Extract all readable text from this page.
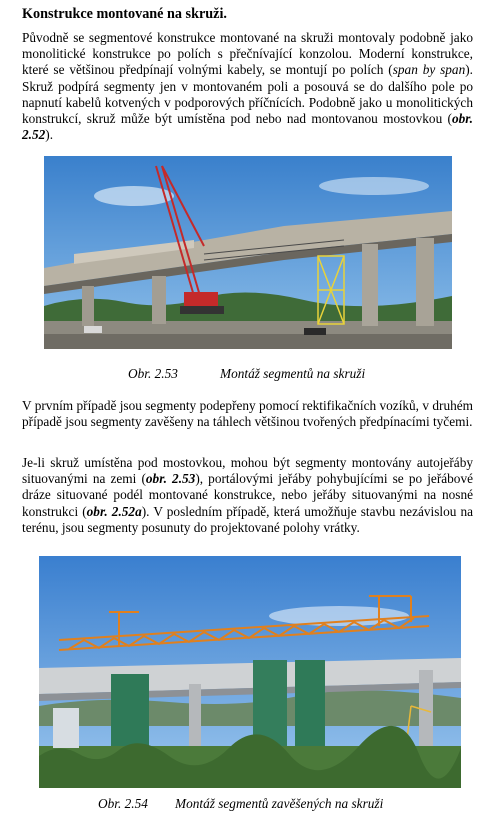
Konstrukce montované na skruži.

Původně se segmentové konstrukce montované na skruži montovaly podobně jako monolitické konstrukce po polích s přečnívající konzolou. Moderní konstrukce, které se většinou předpínají volnými kabely, se montují po polích (span by span). Skruž podpírá segmenty jen v montovaném poli a posouvá se do dalšího pole po napnutí kabelů kotvených v podporových příčnících. Podobně jako u monolitických konstrukcí, skruž může být umístěna pod nebo nad montovanou mostovkou (obr. 2.52).

Obr. 2.53	Montáž segmentů na skruži

V prvním případě jsou segmenty podepřeny pomocí rektifikačních vozíků, v druhém případě jsou segmenty zavěšeny na táhlech většinou tvořených předpínacími tyčemi.

Je-li skruž umístěna pod mostovkou, mohou být segmenty montovány autojeřáby situovanými na zemi (obr. 2.53), portálovými jeřáby pohybujícími se po jeřábové dráze situované podél montované konstrukce, nebo jeřáby situovanými na nosné konstrukci (obr. 2.52a). V posledním případě, která umožňuje stavbu nezávislou na terénu, jsou segmenty posunuty do projektované polohy vrátky.

Obr. 2.54 Montáž segmentů zavěšených na skruži
